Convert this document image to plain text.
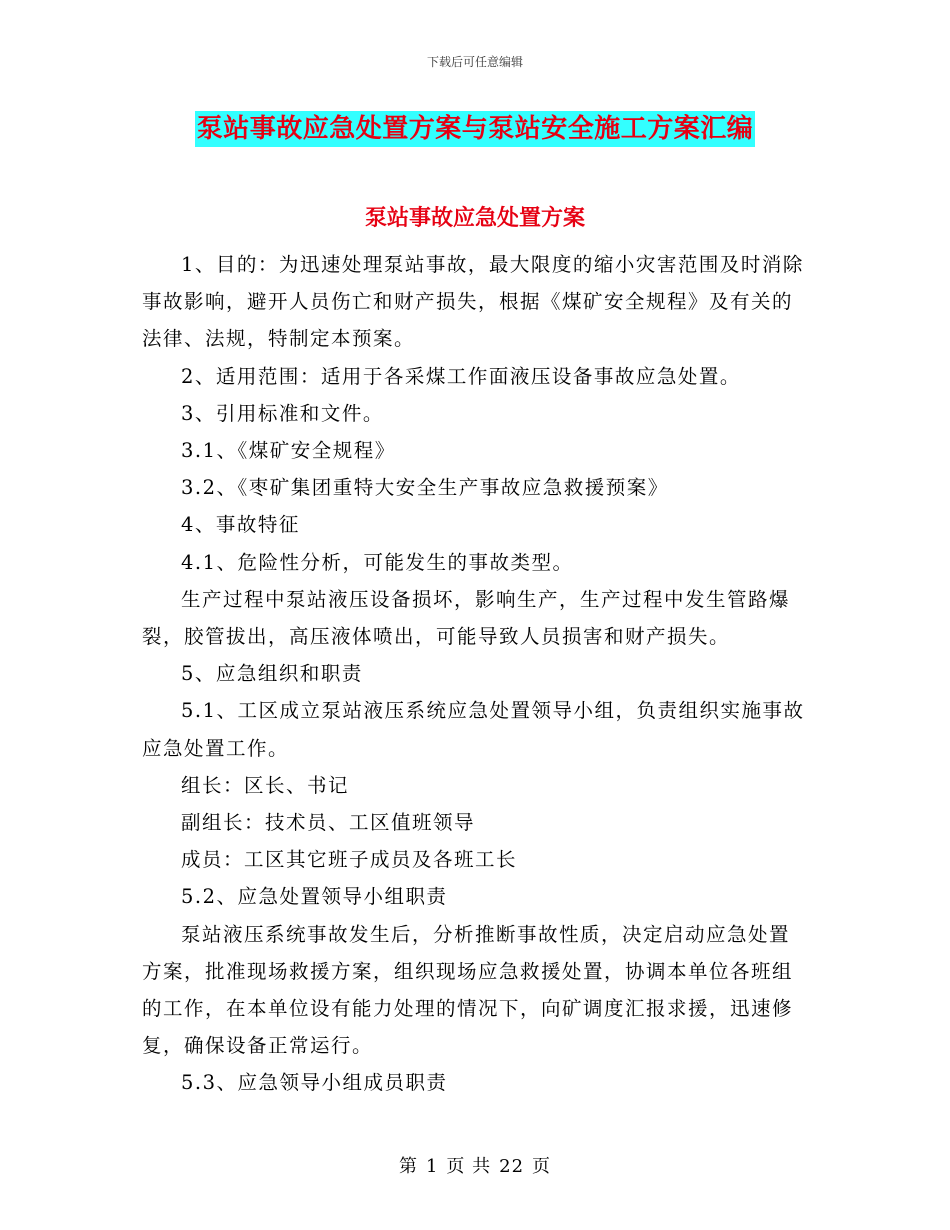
下载后可任意编辑
泵站事故应急处置方案与泵站安全施工方案汇编
泵站事故应急处置方案

1、目的：为迅速处理泵站事故，最大限度的缩小灾害范围及时消除事故影响，避开人员伤亡和财产损失，根据《煤矿安全规程》及有关的法律、法规，特制定本预案。

2、适用范围：适用于各采煤工作面液压设备事故应急处置。

3、引用标准和文件。

3.1、《煤矿安全规程》

3.2、《枣矿集团重特大安全生产事故应急救援预案》

4、事故特征

4.1、危险性分析，可能发生的事故类型。

生产过程中泵站液压设备损坏，影响生产，生产过程中发生管路爆裂，胶管拔出，高压液体喷出，可能导致人员损害和财产损失。

5、应急组织和职责

5.1、工区成立泵站液压系统应急处置领导小组，负责组织实施事故应急处置工作。

组长：区长、书记

副组长：技术员、工区值班领导

成员：工区其它班子成员及各班工长

5.2、应急处置领导小组职责

泵站液压系统事故发生后，分析推断事故性质，决定启动应急处置方案，批准现场救援方案，组织现场应急救援处置，协调本单位各班组的工作，在本单位设有能力处理的情况下，向矿调度汇报求援，迅速修复，确保设备正常运行。

5.3、应急领导小组成员职责

第 1 页 共 22 页
